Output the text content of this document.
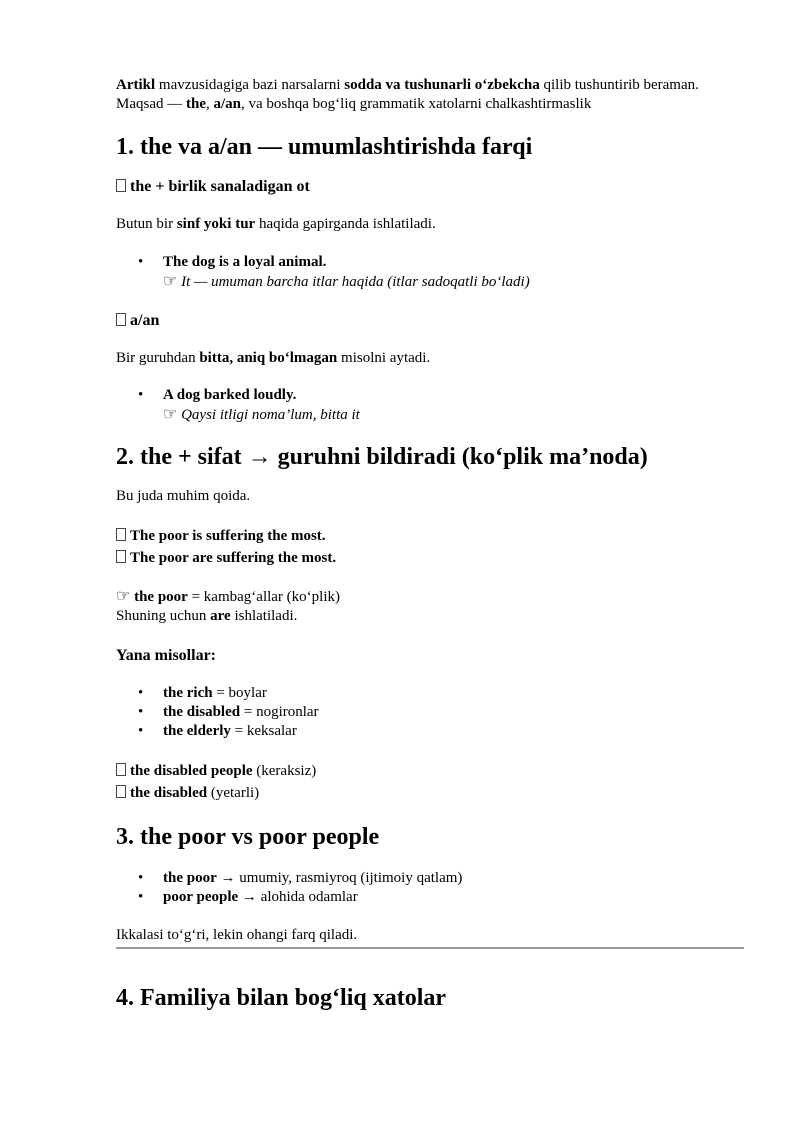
Artikl mavzusidagiga bazi narsalarni sodda va tushunarli o‘zbekcha qilib tushuntirib beraman.

Maqsad — the, a/an, va boshqa bog‘liq grammatik xatolarni chalkashtirmaslik

1. the va a/an — umumlashtirishda farqi
the + birlik sanaladigan ot

Butun bir sinf yoki tur haqida gapirganda ishlatiladi.

• The dog is a loyal animal.
☞ It — umuman barcha itlar haqida (itlar sadoqatli bo‘ladi)
a/an

Bir guruhdan bitta, aniq bo‘lmagan misolni aytadi.

• A dog barked loudly.
☞ Qaysi itligi noma’lum, bitta it
2. the + sifat → guruhni bildiradi (ko‘plik ma’noda)

Bu juda muhim qoida.

The poor is suffering the most.

The poor are suffering the most.

☞ the poor = kambag‘allar (ko‘plik)

Shuning uchun are ishlatiladi.

Yana misollar:
• the rich = boylar
• the disabled = nogironlar
• the elderly = keksalar

the disabled people (keraksiz)

the disabled (yetarli)

3. the poor vs poor people
• the poor → umumiy, rasmiyroq (ijtimoiy qatlam)
• poor people → alohida odamlar

Ikkalasi to‘g‘ri, lekin ohangi farq qiladi.

4. Familiya bilan bog‘liq xatolar
